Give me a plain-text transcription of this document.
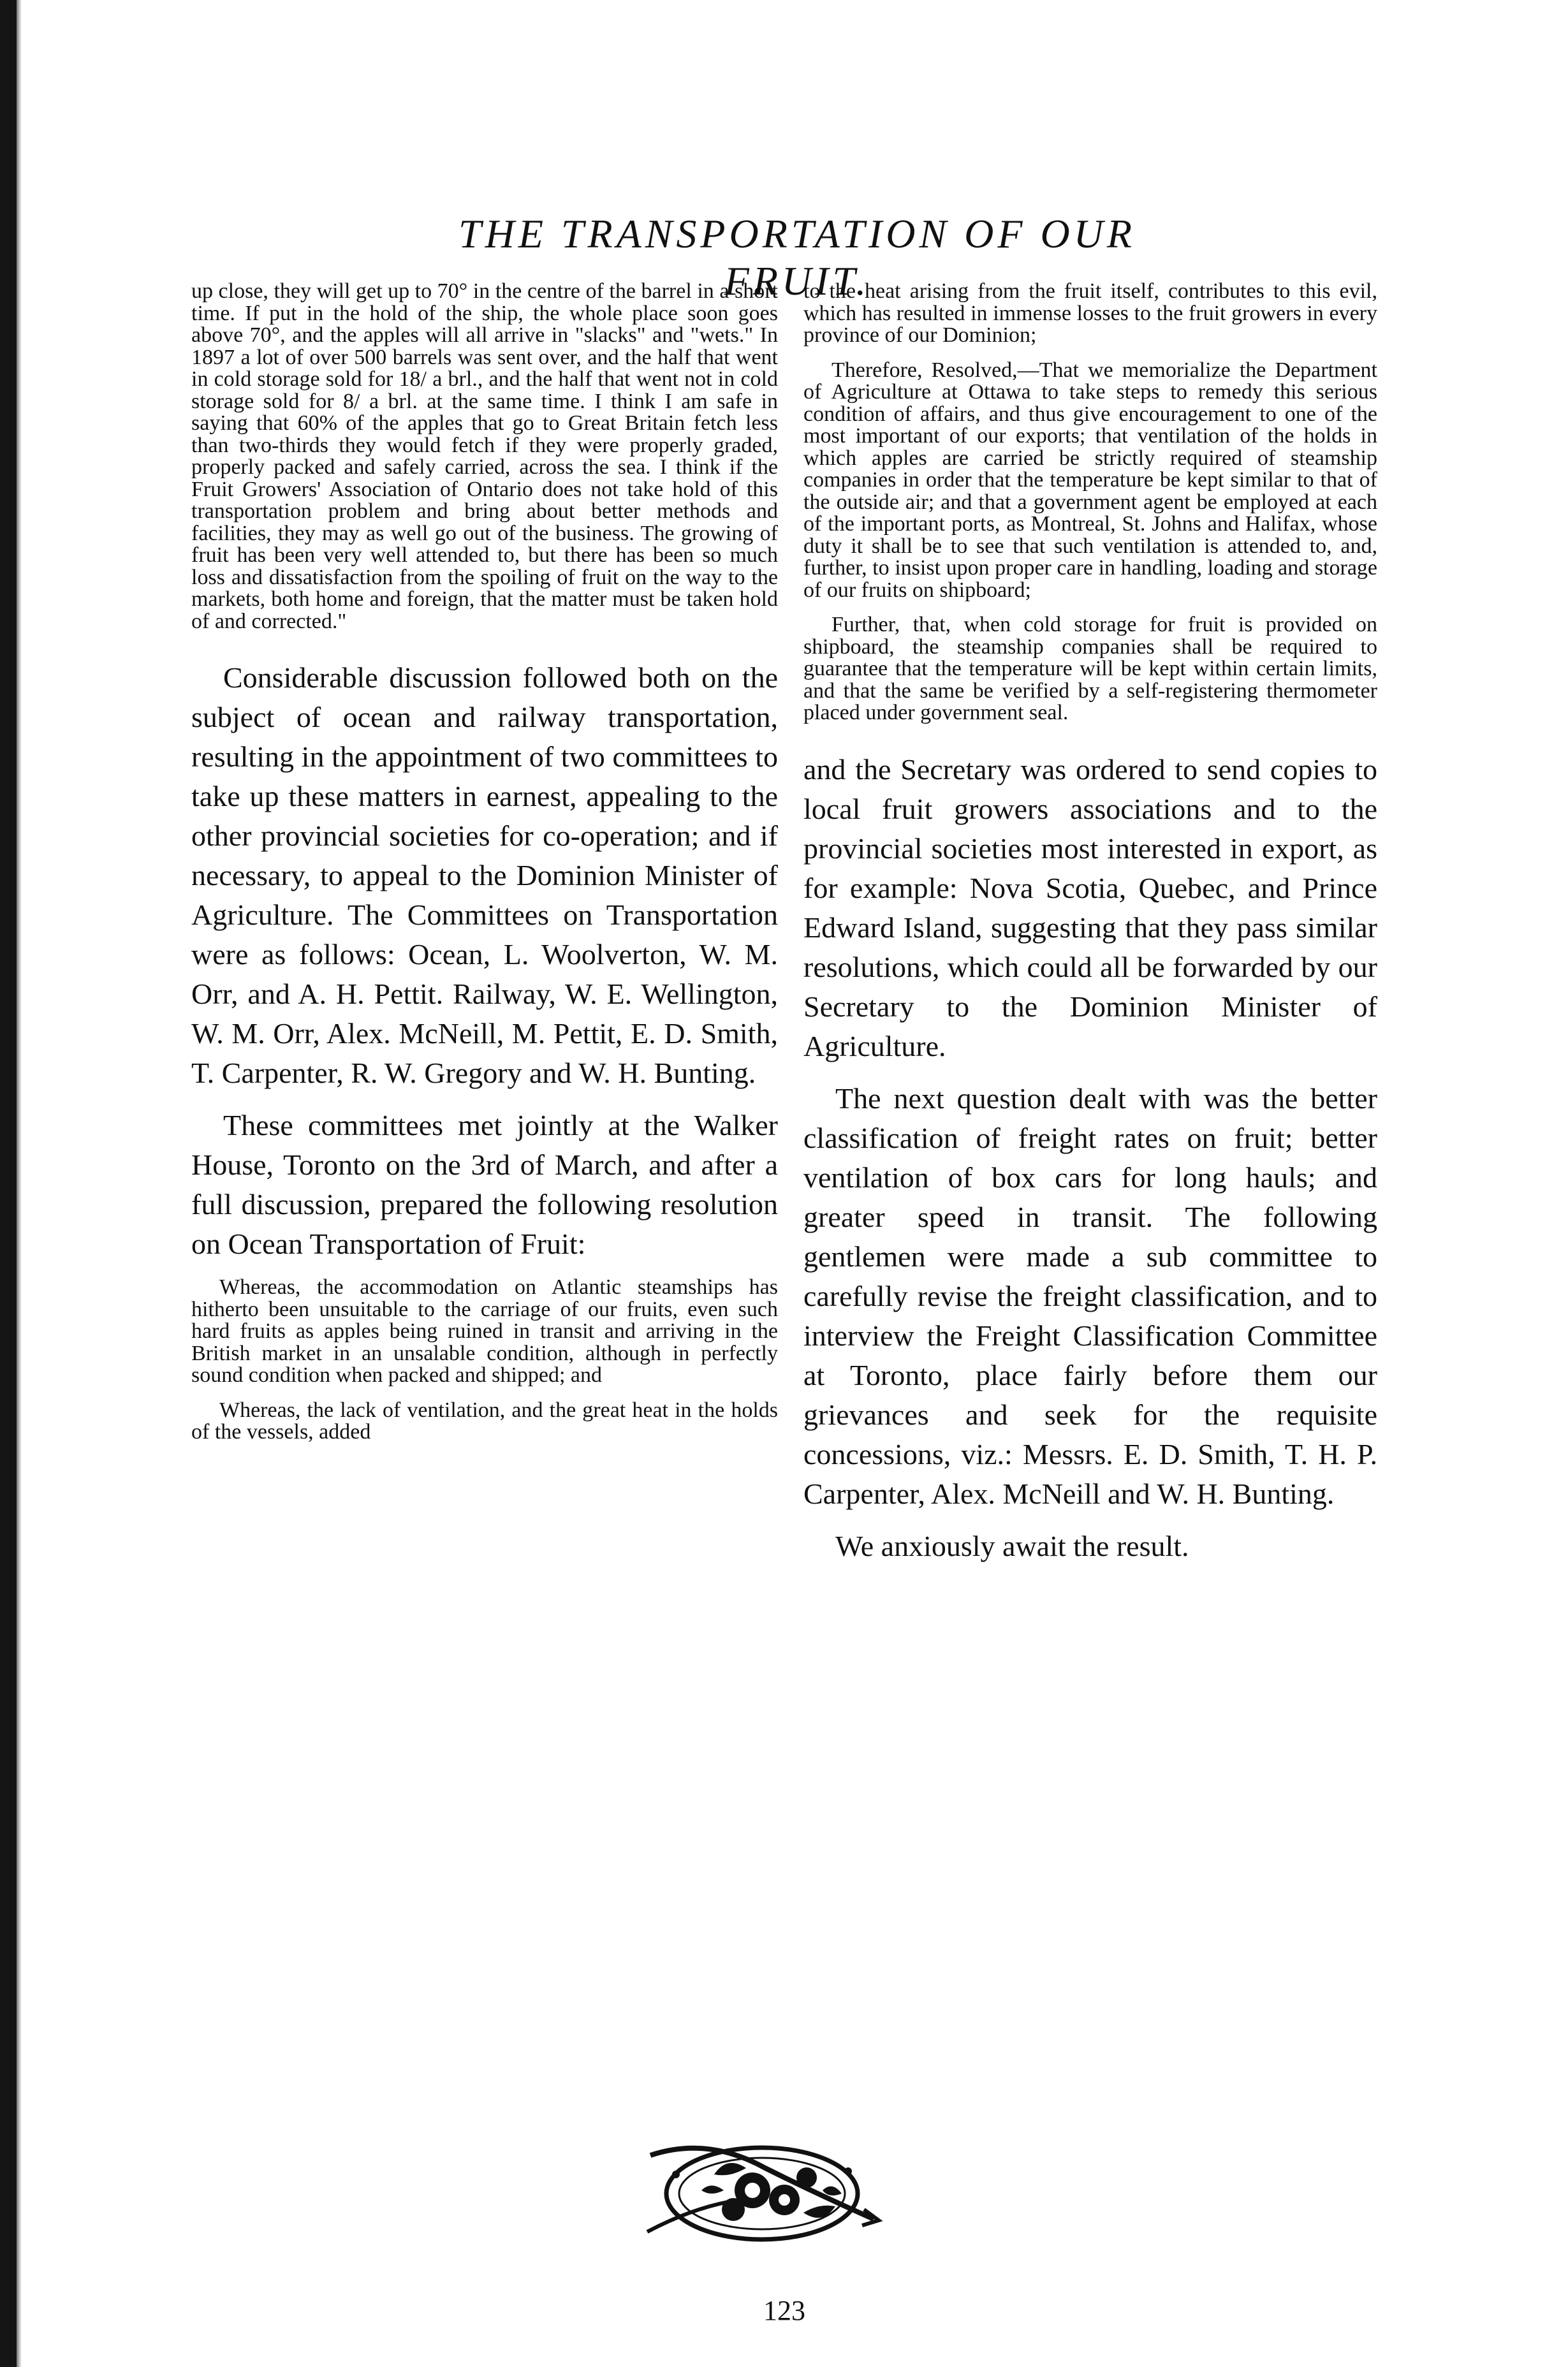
THE TRANSPORTATION OF OUR FRUIT.

up close, they will get up to 70° in the centre of the barrel in a short time. If put in the hold of the ship, the whole place soon goes above 70°, and the apples will all arrive in "slacks" and "wets." In 1897 a lot of over 500 barrels was sent over, and the half that went in cold storage sold for 18/ a brl., and the half that went not in cold storage sold for 8/ a brl. at the same time. I think I am safe in saying that 60% of the apples that go to Great Britain fetch less than two-thirds they would fetch if they were properly graded, properly packed and safely carried, across the sea. I think if the Fruit Growers' Association of Ontario does not take hold of this transportation problem and bring about better methods and facilities, they may as well go out of the business. The growing of fruit has been very well attended to, but there has been so much loss and dissatisfaction from the spoiling of fruit on the way to the markets, both home and foreign, that the matter must be taken hold of and corrected."

Considerable discussion followed both on the subject of ocean and railway transportation, resulting in the appointment of two committees to take up these matters in earnest, appealing to the other provincial societies for co-operation; and if necessary, to appeal to the Dominion Minister of Agriculture. The Committees on Transportation were as follows: Ocean, L. Woolverton, W. M. Orr, and A. H. Pettit. Railway, W. E. Wellington, W. M. Orr, Alex. McNeill, M. Pettit, E. D. Smith, T. Carpenter, R. W. Gregory and W. H. Bunting.

These committees met jointly at the Walker House, Toronto on the 3rd of March, and after a full discussion, prepared the following resolution on Ocean Transportation of Fruit:

Whereas, the accommodation on Atlantic steamships has hitherto been unsuitable to the carriage of our fruits, even such hard fruits as apples being ruined in transit and arriving in the British market in an unsalable condition, although in perfectly sound condition when packed and shipped; and

Whereas, the lack of ventilation, and the great heat in the holds of the vessels, added

to the heat arising from the fruit itself, contributes to this evil, which has resulted in immense losses to the fruit growers in every province of our Dominion;

Therefore, Resolved,—That we memorialize the Department of Agriculture at Ottawa to take steps to remedy this serious condition of affairs, and thus give encouragement to one of the most important of our exports; that ventilation of the holds in which apples are carried be strictly required of steamship companies in order that the temperature be kept similar to that of the outside air; and that a government agent be employed at each of the important ports, as Montreal, St. Johns and Halifax, whose duty it shall be to see that such ventilation is attended to, and, further, to insist upon proper care in handling, loading and storage of our fruits on shipboard;

Further, that, when cold storage for fruit is provided on shipboard, the steamship companies shall be required to guarantee that the temperature will be kept within certain limits, and that the same be verified by a self-registering thermometer placed under government seal.

and the Secretary was ordered to send copies to local fruit growers associations and to the provincial societies most interested in export, as for example: Nova Scotia, Quebec, and Prince Edward Island, suggesting that they pass similar resolutions, which could all be forwarded by our Secretary to the Dominion Minister of Agriculture.

The next question dealt with was the better classification of freight rates on fruit; better ventilation of box cars for long hauls; and greater speed in transit. The following gentlemen were made a sub committee to carefully revise the freight classification, and to interview the Freight Classification Committee at Toronto, place fairly before them our grievances and seek for the requisite concessions, viz.: Messrs. E. D. Smith, T. H. P. Carpenter, Alex. McNeill and W. H. Bunting.

We anxiously await the result.

123
